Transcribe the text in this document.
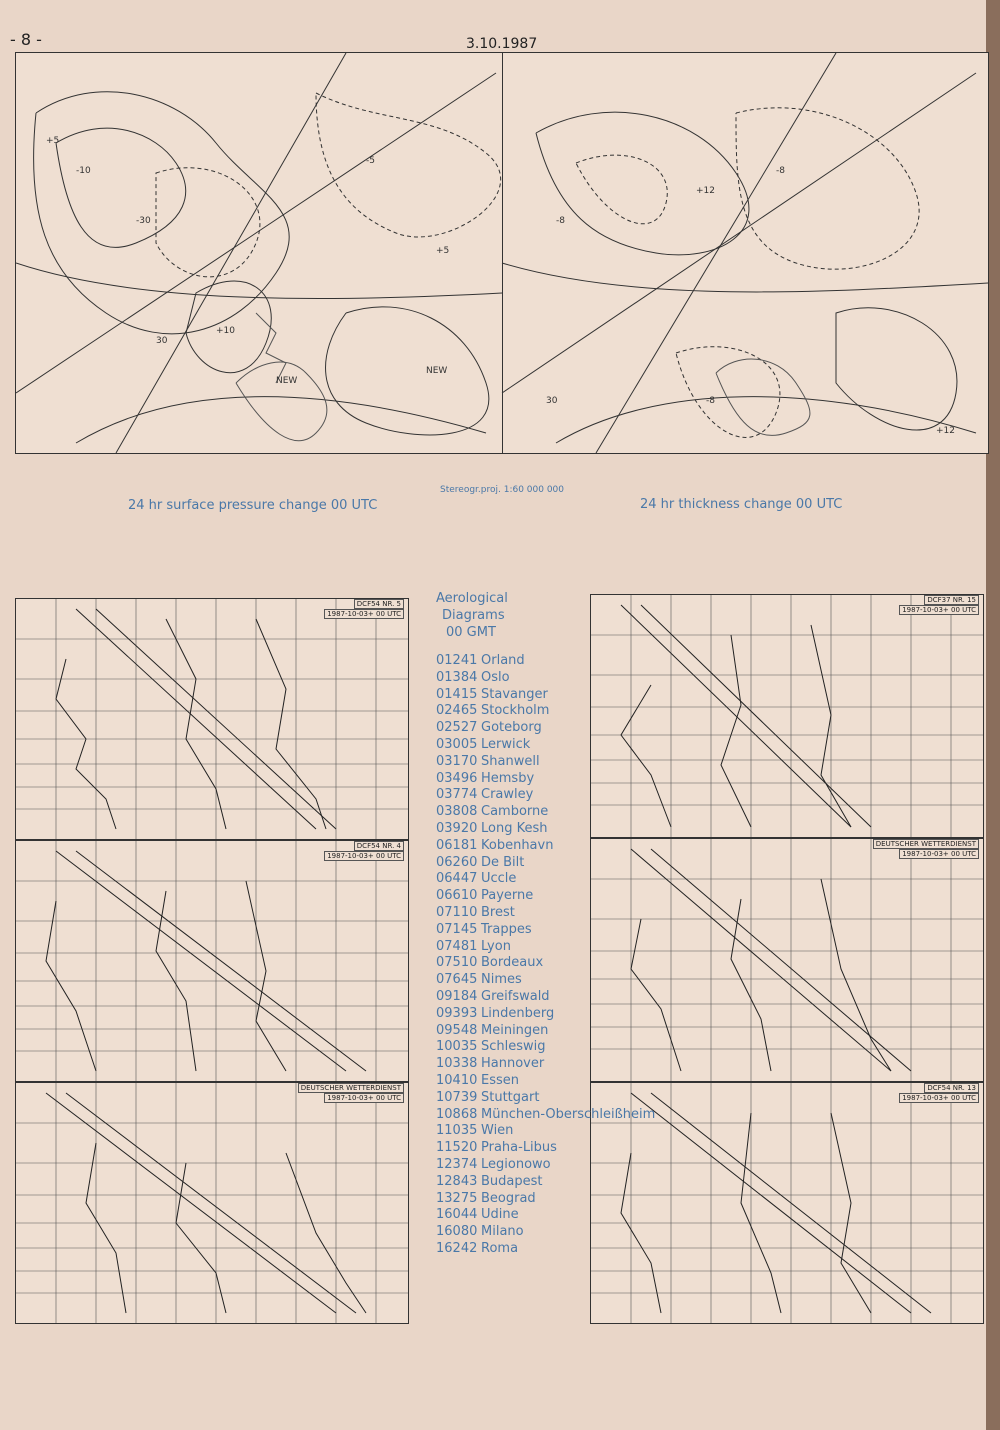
- 8 -	3.10.1987
+5
-10
-30
+10
-5
+5
NEW
NEW
30
-8
+12
-8
-8
+12
30
24 hr surface pressure change 00 UTC
Stereogr.proj. 1:60 000 000
24 hr thickness change 00 UTC
DCF54 NR. 5
1987-10-03+ 00 UTC
DCF54 NR. 4
1987-10-03+ 00 UTC
DEUTSCHER WETTERDIENST
1987-10-03+ 00 UTC
DCF37 NR. 15
1987-10-03+ 00 UTC
DEUTSCHER WETTERDIENST
1987-10-03+ 00 UTC
DCF54 NR. 13
1987-10-03+ 00 UTC
Aerological
Diagrams
00 GMT
01241 Orland
01384 Oslo
01415 Stavanger
02465 Stockholm
02527 Goteborg
03005 Lerwick
03170 Shanwell
03496 Hemsby
03774 Crawley
03808 Camborne
03920 Long Kesh
06181 Kobenhavn
06260 De Bilt
06447 Uccle
06610 Payerne
07110 Brest
07145 Trappes
07481 Lyon
07510 Bordeaux
07645 Nimes
09184 Greifswald
09393 Lindenberg
09548 Meiningen
10035 Schleswig
10338 Hannover
10410 Essen
10739 Stuttgart
10868 München-Oberschleißheim
11035 Wien
11520 Praha-Libus
12374 Legionowo
12843 Budapest
13275 Beograd
16044 Udine
16080 Milano
16242 Roma
